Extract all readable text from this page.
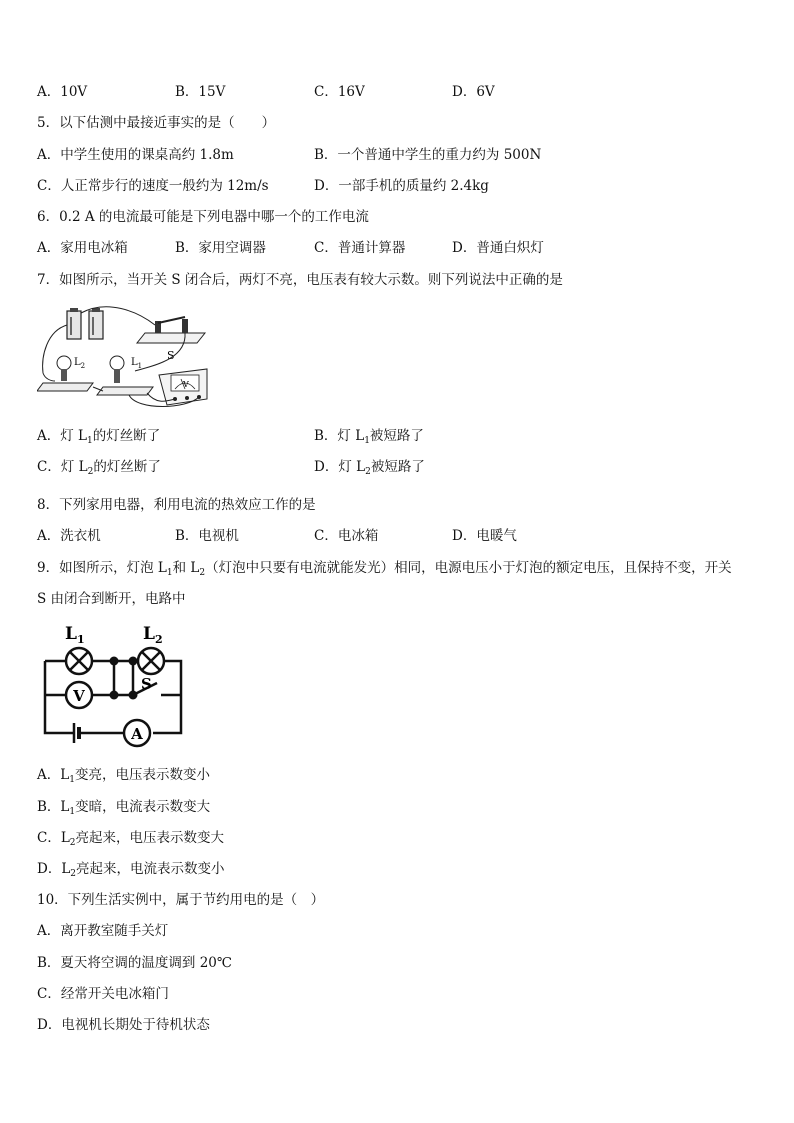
A．10V	B．15V	C．16V	D．6V
5．以下估测中最接近事实的是（　　）
A．中学生使用的课桌高约 1.8m	B．一个普通中学生的重力约为 500N
C．人正常步行的速度一般约为 12m/s	D．一部手机的质量约 2.4kg
6．0.2 A 的电流最可能是下列电器中哪一个的工作电流
A．家用电冰箱	B．家用空调器	C．普通计算器	D．普通白炽灯
7．如图所示，当开关 S 闭合后，两灯不亮，电压表有较大示数。则下列说法中正确的是
S
$L_2$	$L_1$
V
A．灯 $L_1$的灯丝断了	B．灯 $L_1$被短路了
C．灯 $L_2$的灯丝断了	D．灯 $L_2$被短路了
8．下列家用电器，利用电流的热效应工作的是
A．洗衣机	B．电视机	C．电冰箱	D．电暖气
9．如图所示，灯泡 $L_1$和 $L_2$（灯泡中只要有电流就能发光）相同，电源电压小于灯泡的额定电压，且保持不变，开关
S 由闭合到断开，电路中
$L_1$	$L_2$
V
S
A
A．$L_1$变亮，电压表示数变小
B．$L_1$变暗，电流表示数变大
C．$L_2$亮起来，电压表示数变大
D．$L_2$亮起来，电流表示数变小
10．下列生活实例中，属于节约用电的是（　）
A．离开教室随手关灯
B．夏天将空调的温度调到 20℃
C．经常开关电冰箱门
D．电视机长期处于待机状态
